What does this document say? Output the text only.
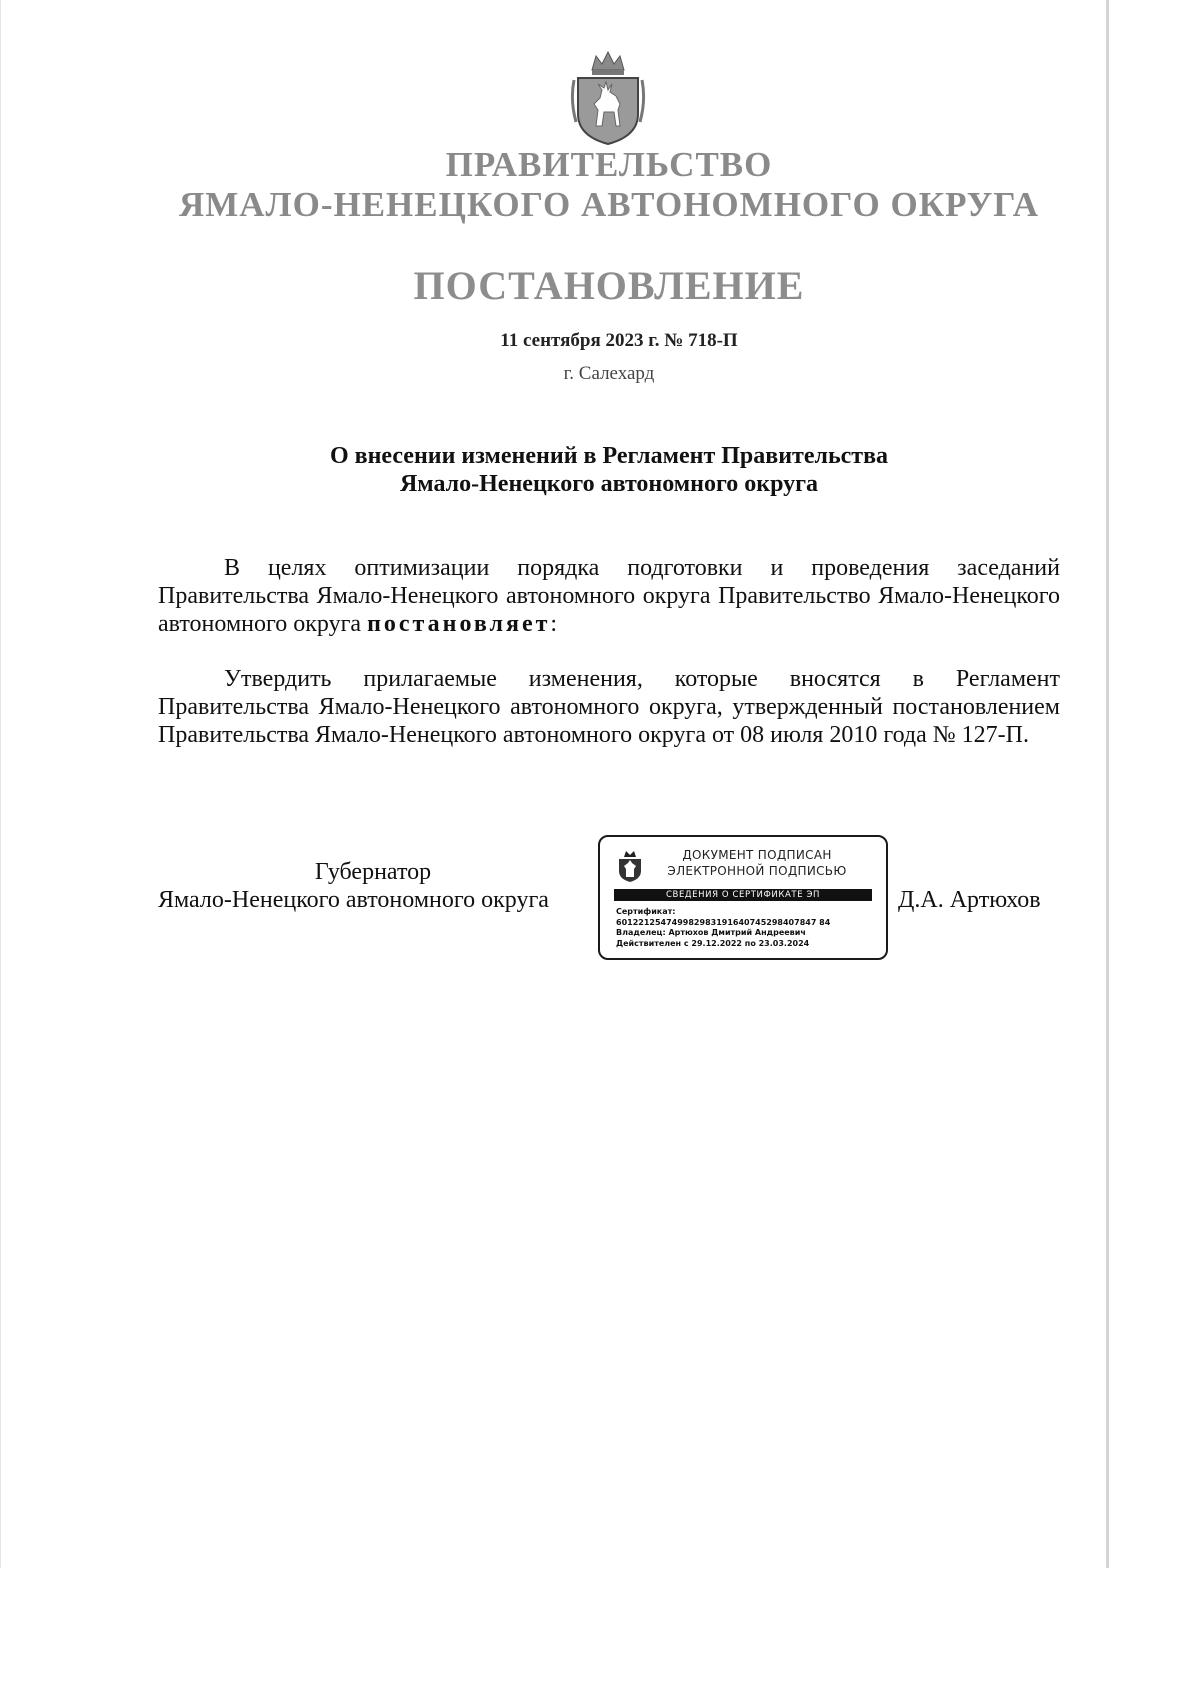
ПРАВИТЕЛЬСТВО
ЯМАЛО-НЕНЕЦКОГО АВТОНОМНОГО ОКРУГА
ПОСТАНОВЛЕНИЕ
11 сентября 2023 г. № 718-П
г. Салехард
О внесении изменений в Регламент Правительства
Ямало-Ненецкого автономного округа

В целях оптимизации порядка подготовки и проведения заседаний Правительства Ямало-Ненецкого автономного округа Правительство Ямало-Ненецкого автономного округа постановляет:

Утвердить прилагаемые изменения, которые вносятся в Регламент Правительства Ямало-Ненецкого автономного округа, утвержденный постановлением Правительства Ямало-Ненецкого автономного округа от 08 июля 2010 года № 127-П.

Губернатор
Ямало-Ненецкого автономного округа	Д.А. Артюхов
ДОКУМЕНТ ПОДПИСАН
ЭЛЕКТРОННОЙ ПОДПИСЬЮ
СВЕДЕНИЯ О СЕРТИФИКАТЕ ЭП
Сертификат:
601221254749982983191640745298407847 84
Владелец: Артюхов Дмитрий Андреевич
Действителен с 29.12.2022 по 23.03.2024
